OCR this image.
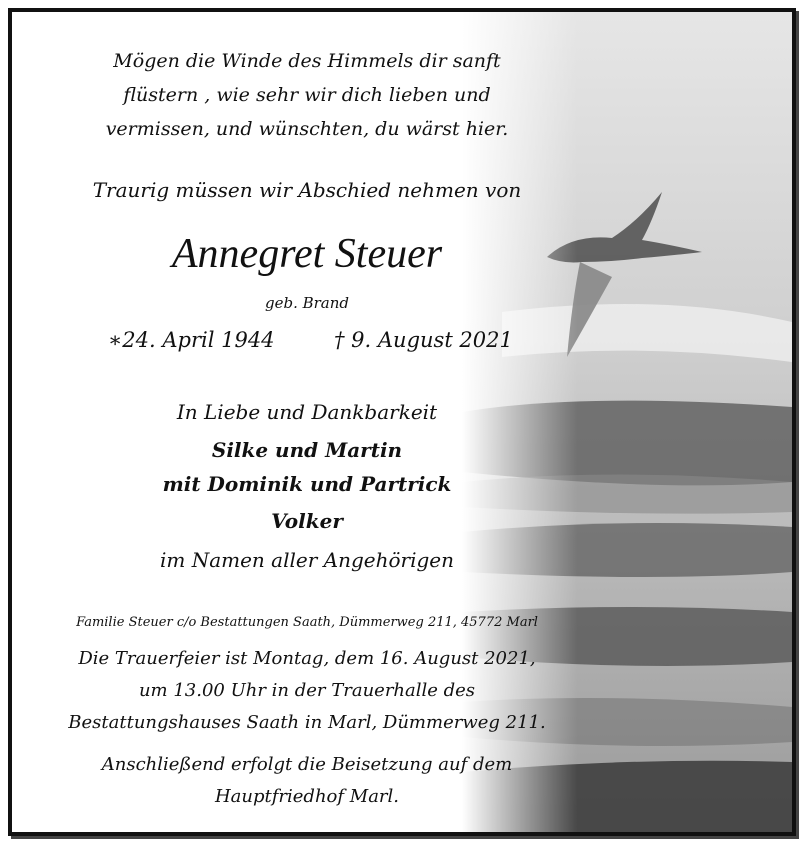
Mögen die Winde des Himmels dir sanft
flüstern , wie sehr wir dich lieben und
vermissen, und wünschten, du wärst hier.
Traurig müssen wir Abschied nehmen von
Annegret Steuer
geb. Brand
∗24. April 1944	† 9. August 2021
In Liebe und Dankbarkeit
Silke und Martin
mit Dominik und Partrick
Volker
im Namen aller Angehörigen
Familie Steuer c/o Bestattungen Saath, Dümmerweg 211, 45772 Marl
Die Trauerfeier ist Montag, dem 16. August 2021,
um 13.00 Uhr in der Trauerhalle des
Bestattungshauses Saath in Marl, Dümmerweg 211.
Anschließend erfolgt die Beisetzung auf dem
Hauptfriedhof Marl.
